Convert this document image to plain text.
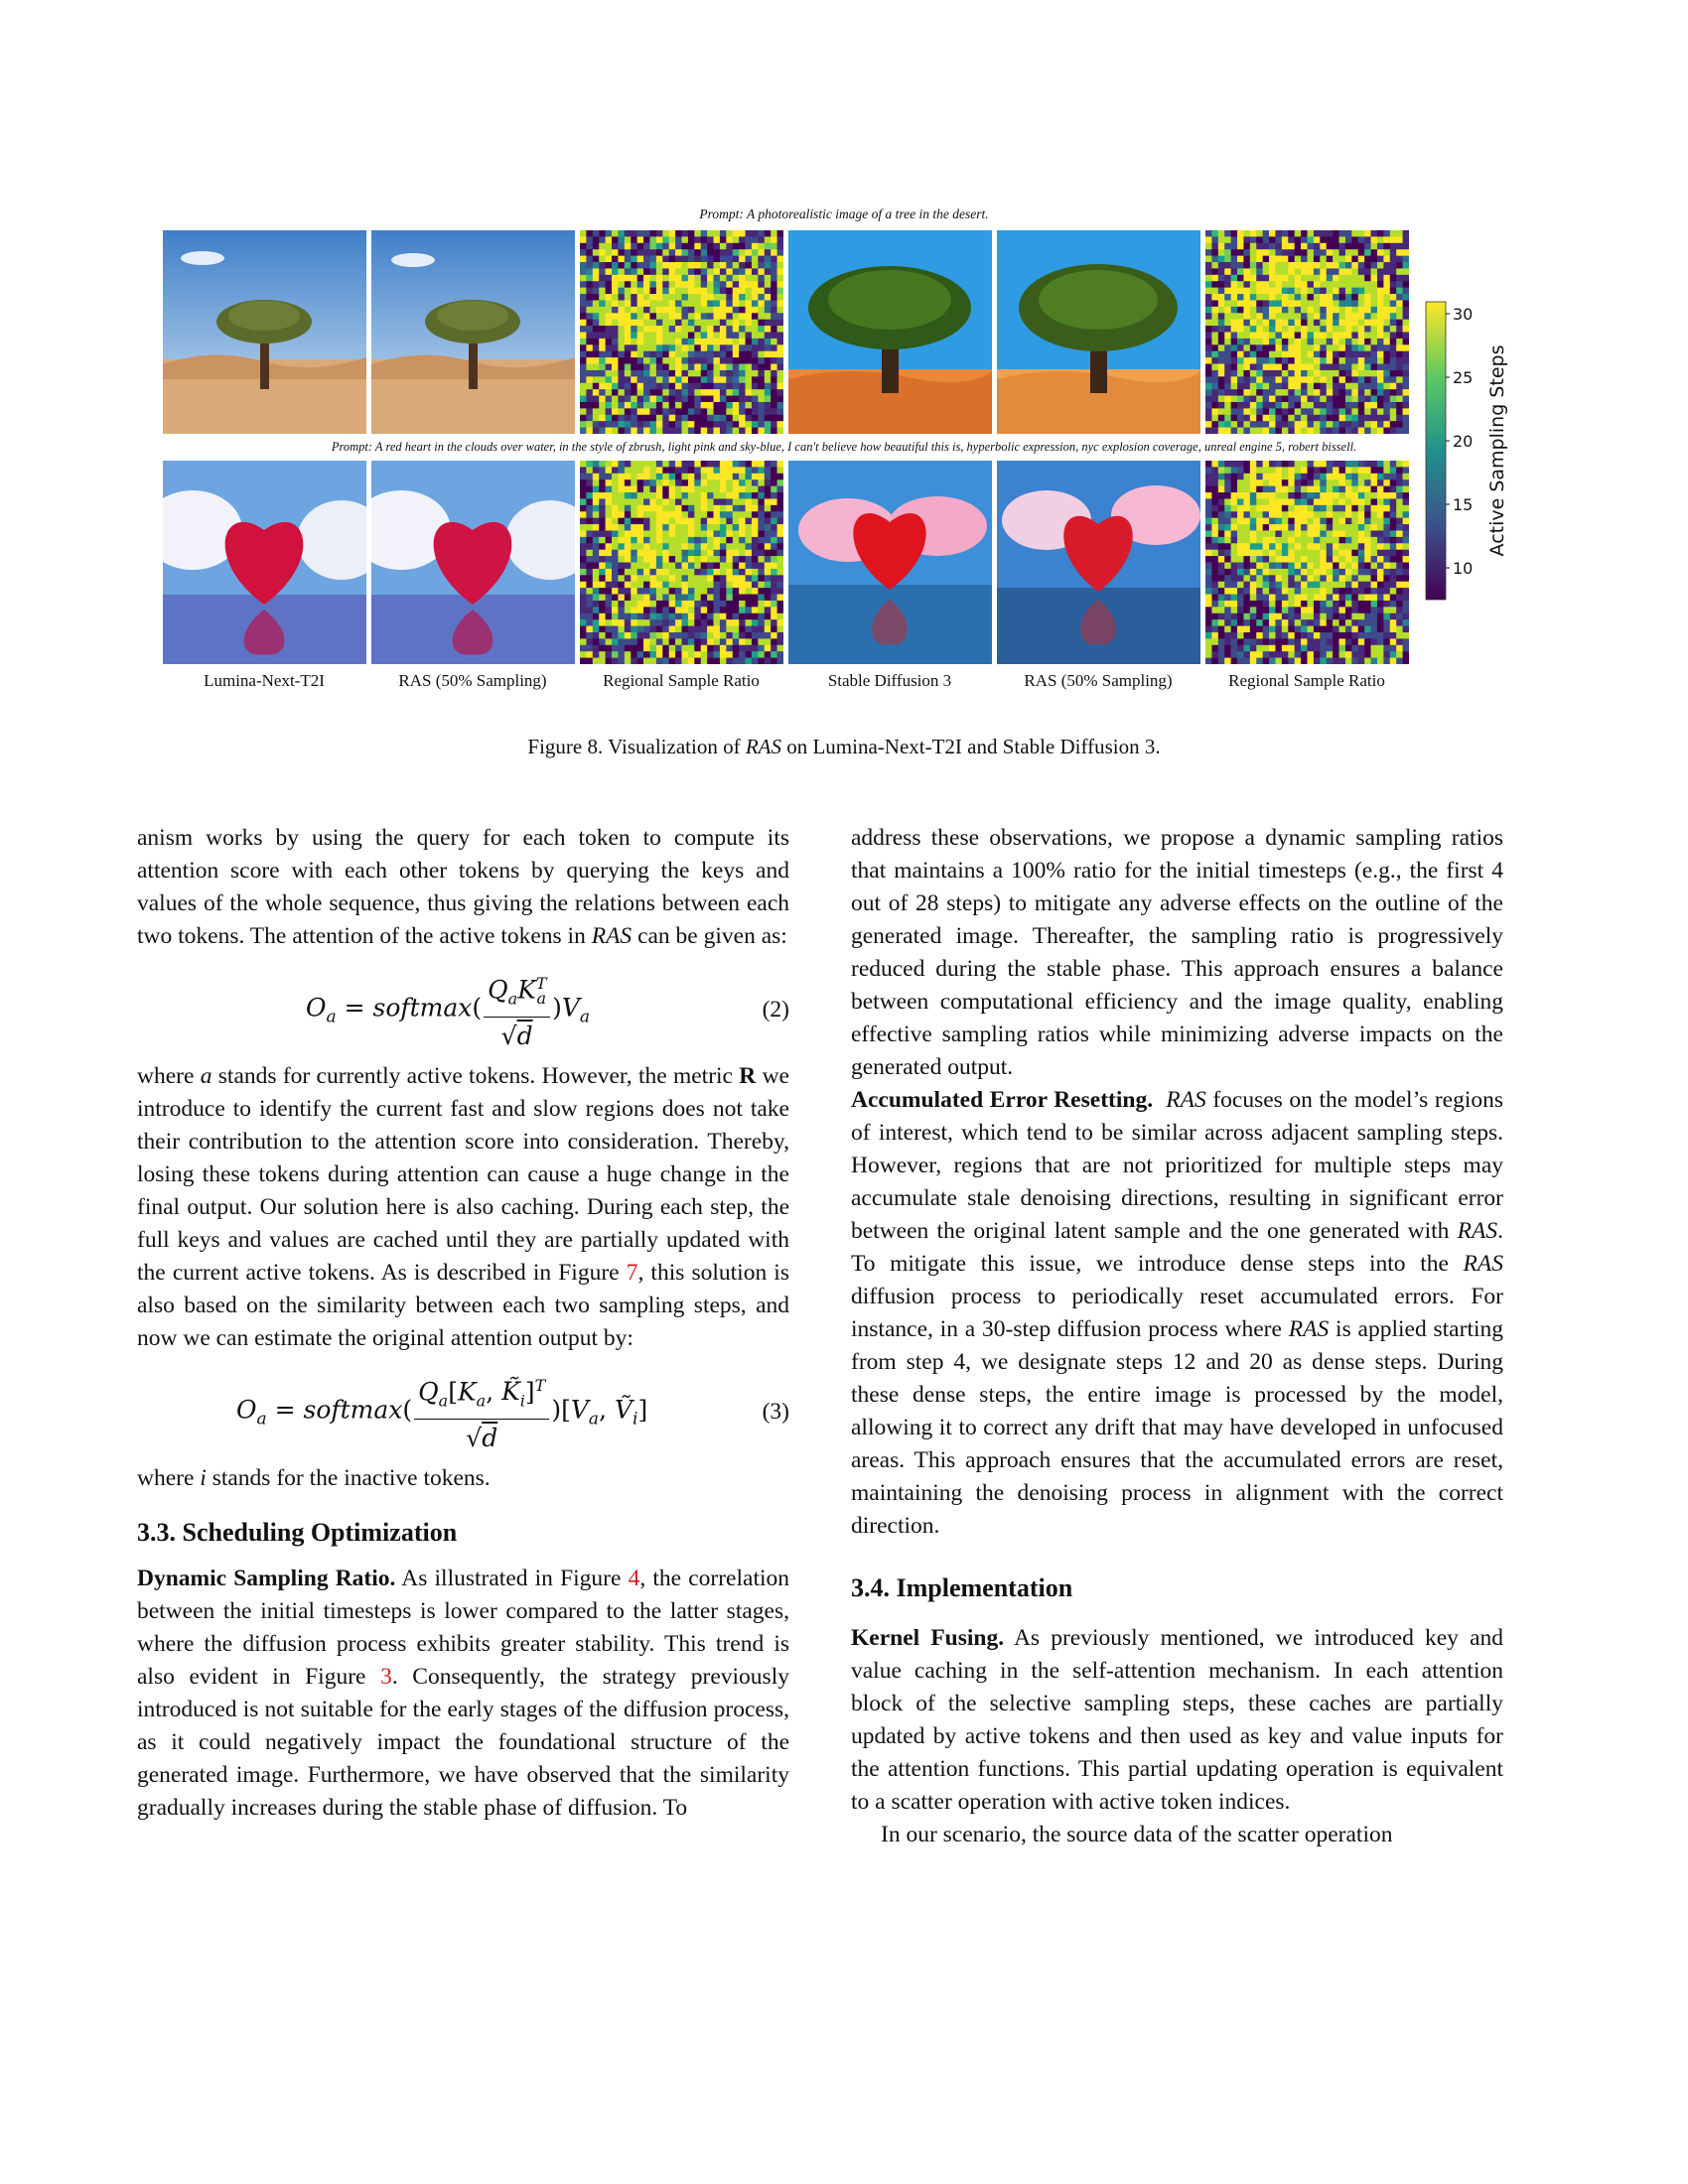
Prompt: A photorealistic image of a tree in the desert.
Prompt: A red heart in the clouds over water, in the style of zbrush, light pink and sky-blue, I can't believe how beautiful this is, hyperbolic expression, nyc explosion coverage, unreal engine 5, robert bissell.
30
25
20
15
10
Active Sampling Steps
Lumina-Next-T2I	RAS (50% Sampling)	Regional Sample Ratio	Stable Diffusion 3	RAS (50% Sampling)	Regional Sample Ratio
Figure 8. Visualization of RAS on Lumina-Next-T2I and Stable Diffusion 3.

anism works by using the query for each token to compute its attention score with each other tokens by querying the keys and values of the whole sequence, thus giving the relations between each two tokens. The attention of the active tokens in RAS can be given as:

$O_a$ = softmax( $\frac{Q_aK^T_a}{√d} )V_a$	(2)

where a stands for currently active tokens. However, the metric R we introduce to identify the current fast and slow regions does not take their contribution to the attention score into consideration. Thereby, losing these tokens during attention can cause a huge change in the final output. Our solution here is also caching. During each step, the full keys and values are cached until they are partially updated with the current active tokens. As is described in Figure 7, this solution is also based on the similarity between each two sampling steps, and now we can estimate the original attention output by:

$O_a$ = softmax( $\frac{Q_a[K_a, K̃_i]^T}{√d} )[V_a$, Ṽ$_i$]	(3)

where i stands for the inactive tokens.

3.3. Scheduling Optimization

Dynamic Sampling Ratio. As illustrated in Figure 4, the correlation between the initial timesteps is lower compared to the latter stages, where the diffusion process exhibits greater stability. This trend is also evident in Figure 3. Consequently, the strategy previously introduced is not suitable for the early stages of the diffusion process, as it could negatively impact the foundational structure of the generated image. Furthermore, we have observed that the similarity gradually increases during the stable phase of diffusion. To

address these observations, we propose a dynamic sampling ratios that maintains a 100% ratio for the initial timesteps (e.g., the first 4 out of 28 steps) to mitigate any adverse effects on the outline of the generated image. Thereafter, the sampling ratio is progressively reduced during the stable phase. This approach ensures a balance between computational efficiency and the image quality, enabling effective sampling ratios while minimizing adverse impacts on the generated output.

Accumulated Error Resetting. RAS focuses on the model’s regions of interest, which tend to be similar across adjacent sampling steps. However, regions that are not prioritized for multiple steps may accumulate stale denoising directions, resulting in significant error between the original latent sample and the one generated with RAS. To mitigate this issue, we introduce dense steps into the RAS diffusion process to periodically reset accumulated errors. For instance, in a 30-step diffusion process where RAS is applied starting from step 4, we designate steps 12 and 20 as dense steps. During these dense steps, the entire image is processed by the model, allowing it to correct any drift that may have developed in unfocused areas. This approach ensures that the accumulated errors are reset, maintaining the denoising process in alignment with the correct direction.

3.4. Implementation

Kernel Fusing. As previously mentioned, we introduced key and value caching in the self-attention mechanism. In each attention block of the selective sampling steps, these caches are partially updated by active tokens and then used as key and value inputs for the attention functions. This partial updating operation is equivalent to a scatter operation with active token indices.

In our scenario, the source data of the scatter operation
